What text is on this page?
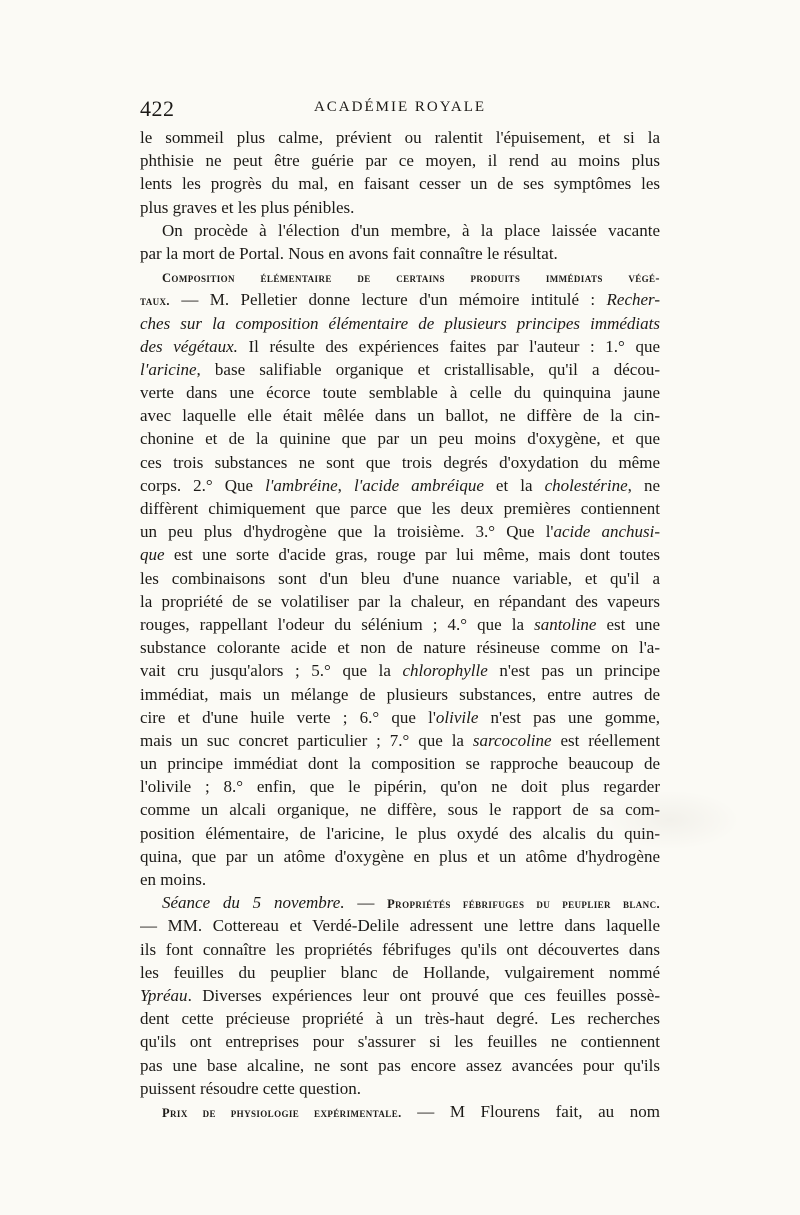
422	ACADÉMIE ROYALE
le sommeil plus calme, prévient ou ralentit l'épuisement, et si la
phthisie ne peut être guérie par ce moyen, il rend au moins plus
lents les progrès du mal, en faisant cesser un de ses symptômes les
plus graves et les plus pénibles.
On procède à l'élection d'un membre, à la place laissée vacante
par la mort de Portal. Nous en avons fait connaître le résultat.
Composition élémentaire de certains produits immédiats végé-
taux. — M. Pelletier donne lecture d'un mémoire intitulé : Recher-
ches sur la composition élémentaire de plusieurs principes immédiats
des végétaux. Il résulte des expériences faites par l'auteur : 1.° que
l'aricine, base salifiable organique et cristallisable, qu'il a décou-
verte dans une écorce toute semblable à celle du quinquina jaune
avec laquelle elle était mêlée dans un ballot, ne diffère de la cin-
chonine et de la quinine que par un peu moins d'oxygène, et que
ces trois substances ne sont que trois degrés d'oxydation du même
corps. 2.° Que l'ambréine, l'acide ambréique et la cholestérine, ne
diffèrent chimiquement que parce que les deux premières contiennent
un peu plus d'hydrogène que la troisième. 3.° Que l'acide anchusi-
que est une sorte d'acide gras, rouge par lui même, mais dont toutes
les combinaisons sont d'un bleu d'une nuance variable, et qu'il a
la propriété de se volatiliser par la chaleur, en répandant des vapeurs
rouges, rappellant l'odeur du sélénium ; 4.° que la santoline est une
substance colorante acide et non de nature résineuse comme on l'a-
vait cru jusqu'alors ; 5.° que la chlorophylle n'est pas un principe
immédiat, mais un mélange de plusieurs substances, entre autres de
cire et d'une huile verte ; 6.° que l'olivile n'est pas une gomme,
mais un suc concret particulier ; 7.° que la sarcocoline est réellement
un principe immédiat dont la composition se rapproche beaucoup de
l'olivile ; 8.° enfin, que le pipérin, qu'on ne doit plus regarder
comme un alcali organique, ne diffère, sous le rapport de sa com-
position élémentaire, de l'aricine, le plus oxydé des alcalis du quin-
quina, que par un atôme d'oxygène en plus et un atôme d'hydrogène
en moins.
Séance du 5 novembre. — Propriétés fébrifuges du peuplier blanc.
— MM. Cottereau et Verdé-Delile adressent une lettre dans laquelle
ils font connaître les propriétés fébrifuges qu'ils ont découvertes dans
les feuilles du peuplier blanc de Hollande, vulgairement nommé
Ypréau. Diverses expériences leur ont prouvé que ces feuilles possè-
dent cette précieuse propriété à un très-haut degré. Les recherches
qu'ils ont entreprises pour s'assurer si les feuilles ne contiennent
pas une base alcaline, ne sont pas encore assez avancées pour qu'ils
puissent résoudre cette question.
Prix de physiologie expérimentale. — M Flourens fait, au nom
